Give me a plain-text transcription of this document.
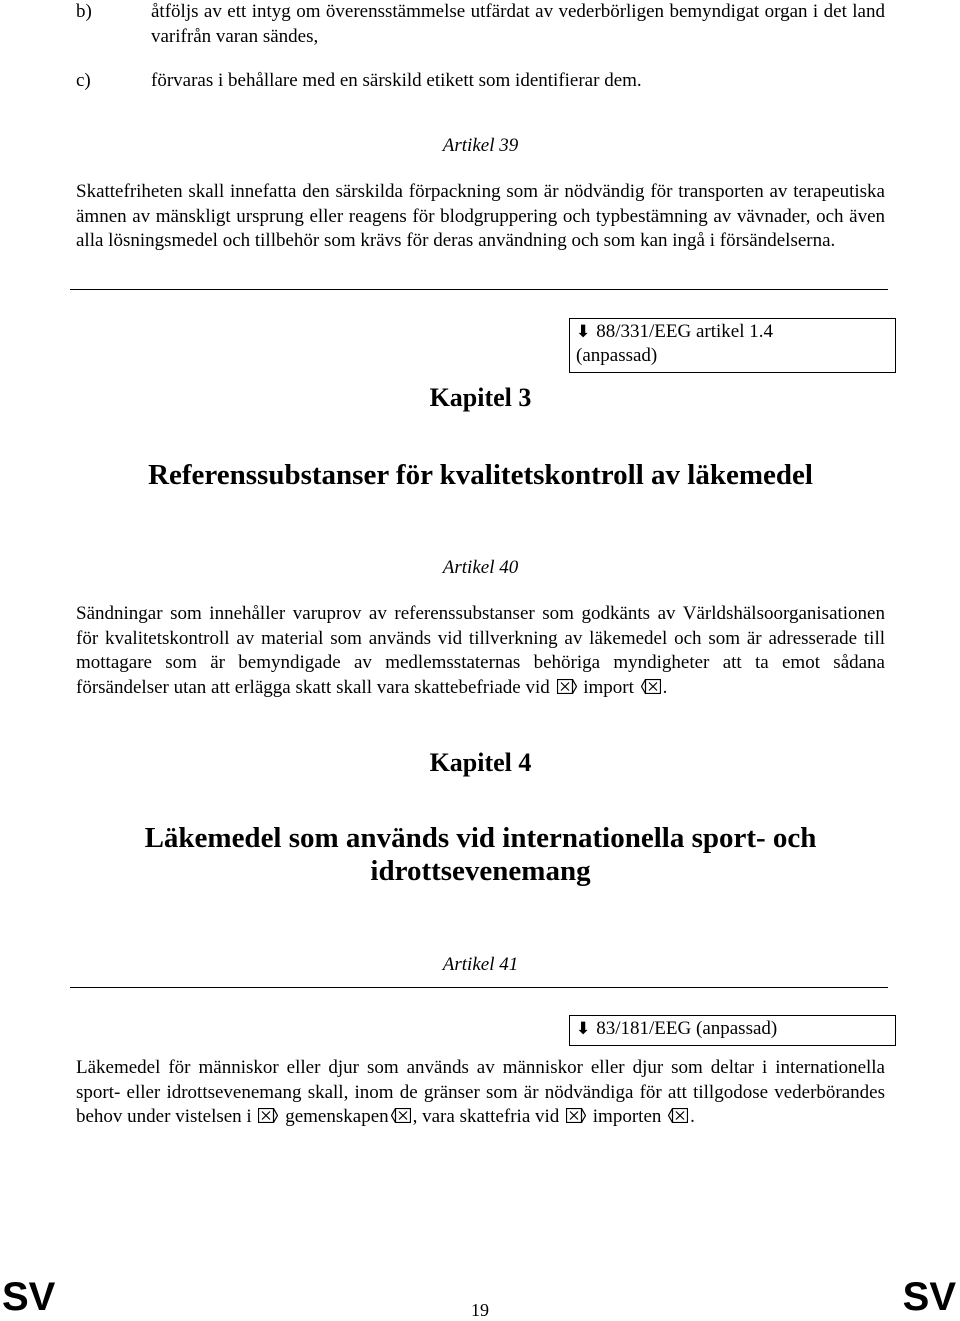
b)	åtföljs av ett intyg om överensstämmelse utfärdat av vederbörligen bemyndigat organ i det land varifrån varan sändes,
c)	förvaras i behållare med en särskild etikett som identifierar dem.
Artikel 39
Skattefriheten skall innefatta den särskilda förpackning som är nödvändig för transporten av terapeutiska ämnen av mänskligt ursprung eller reagens för blodgruppering och typbestämning av vävnader, och även alla lösningsmedel och tillbehör som krävs för deras användning och som kan ingå i försändelserna.
⬇ 88/331/EEG artikel 1.4
(anpassad)
Kapitel 3
Referenssubstanser för kvalitetskontroll av läkemedel
Artikel 40
Sändningar som innehåller varuprov av referenssubstanser som godkänts av Världshälsoorganisationen för kvalitetskontroll av material som används vid tillverkning av läkemedel och som är adresserade till mottagare som är bemyndigade av medlemsstaternas behöriga myndigheter att ta emot sådana försändelser utan att erlägga skatt skall vara skattebefriade vid import .
Kapitel 4
Läkemedel som används vid internationella sport- och
idrottsevenemang
Artikel 41
⬇ 83/181/EEG (anpassad)
Läkemedel för människor eller djur som används av människor eller djur som deltar i internationella sport- eller idrottsevenemang skall, inom de gränser som är nödvändiga för att tillgodose vederbörandes behov under vistelsen i gemenskapen , vara skattefria vid importen .
SV	19	SV
